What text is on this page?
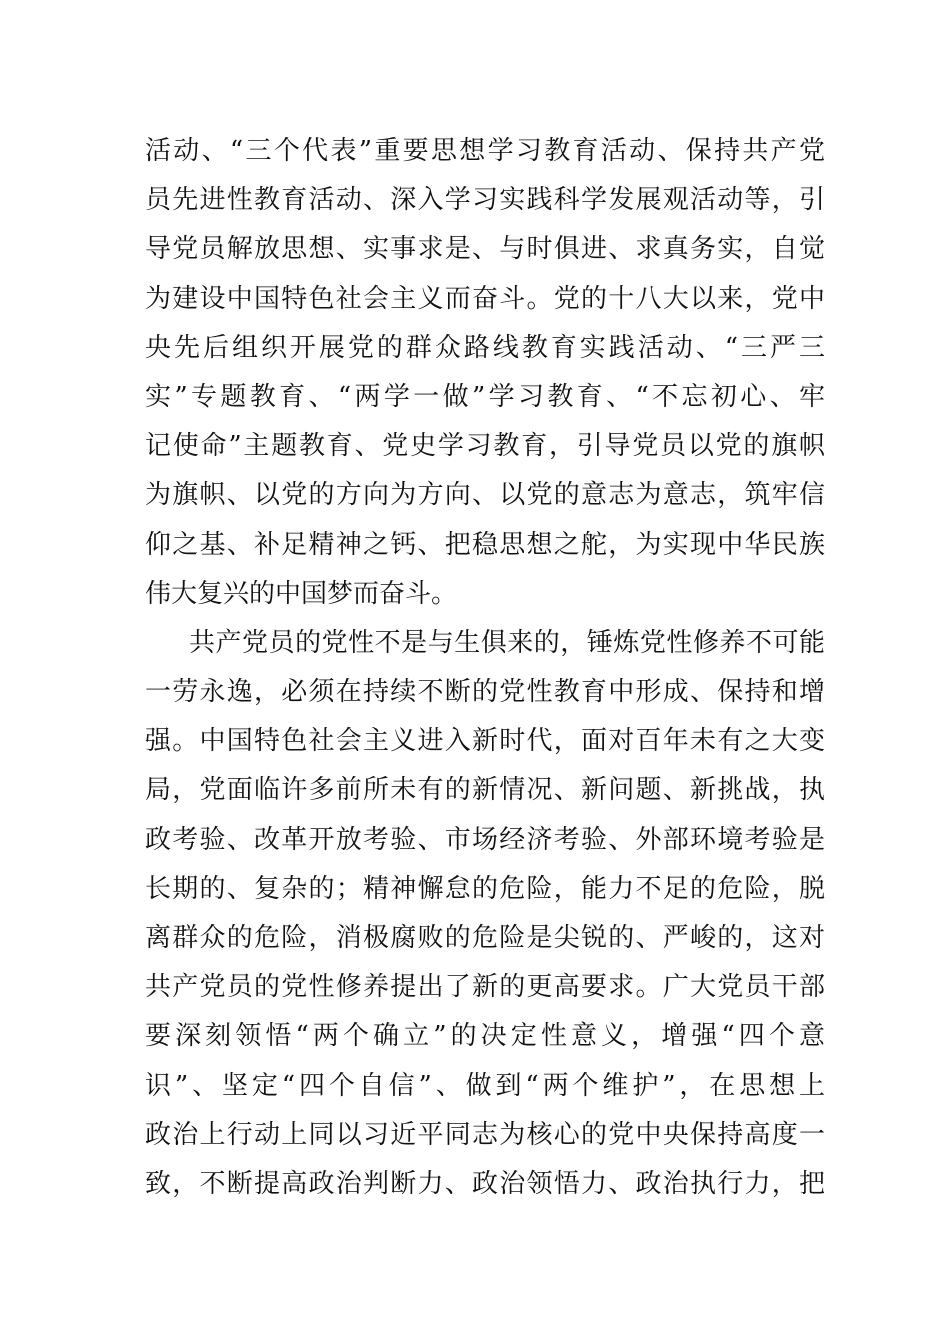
活动、“三个代表”重要思想学习教育活动、保持共产党
员先进性教育活动、深入学习实践科学发展观活动等，引
导党员解放思想、实事求是、与时俱进、求真务实，自觉
为建设中国特色社会主义而奋斗。党的十八大以来，党中
央先后组织开展党的群众路线教育实践活动、“三严三
实”专题教育、“两学一做”学习教育、“不忘初心、牢
记使命”主题教育、党史学习教育，引导党员以党的旗帜
为旗帜、以党的方向为方向、以党的意志为意志，筑牢信
仰之基、补足精神之钙、把稳思想之舵，为实现中华民族
伟大复兴的中国梦而奋斗。
共产党员的党性不是与生俱来的，锤炼党性修养不可能
一劳永逸，必须在持续不断的党性教育中形成、保持和增
强。中国特色社会主义进入新时代，面对百年未有之大变
局，党面临许多前所未有的新情况、新问题、新挑战，执
政考验、改革开放考验、市场经济考验、外部环境考验是
长期的、复杂的；精神懈怠的危险，能力不足的危险，脱
离群众的危险，消极腐败的危险是尖锐的、严峻的，这对
共产党员的党性修养提出了新的更高要求。广大党员干部
要深刻领悟“两个确立”的决定性意义，增强“四个意
识”、坚定“四个自信”、做到“两个维护”，在思想上
政治上行动上同以习近平同志为核心的党中央保持高度一
致，不断提高政治判断力、政治领悟力、政治执行力，把
